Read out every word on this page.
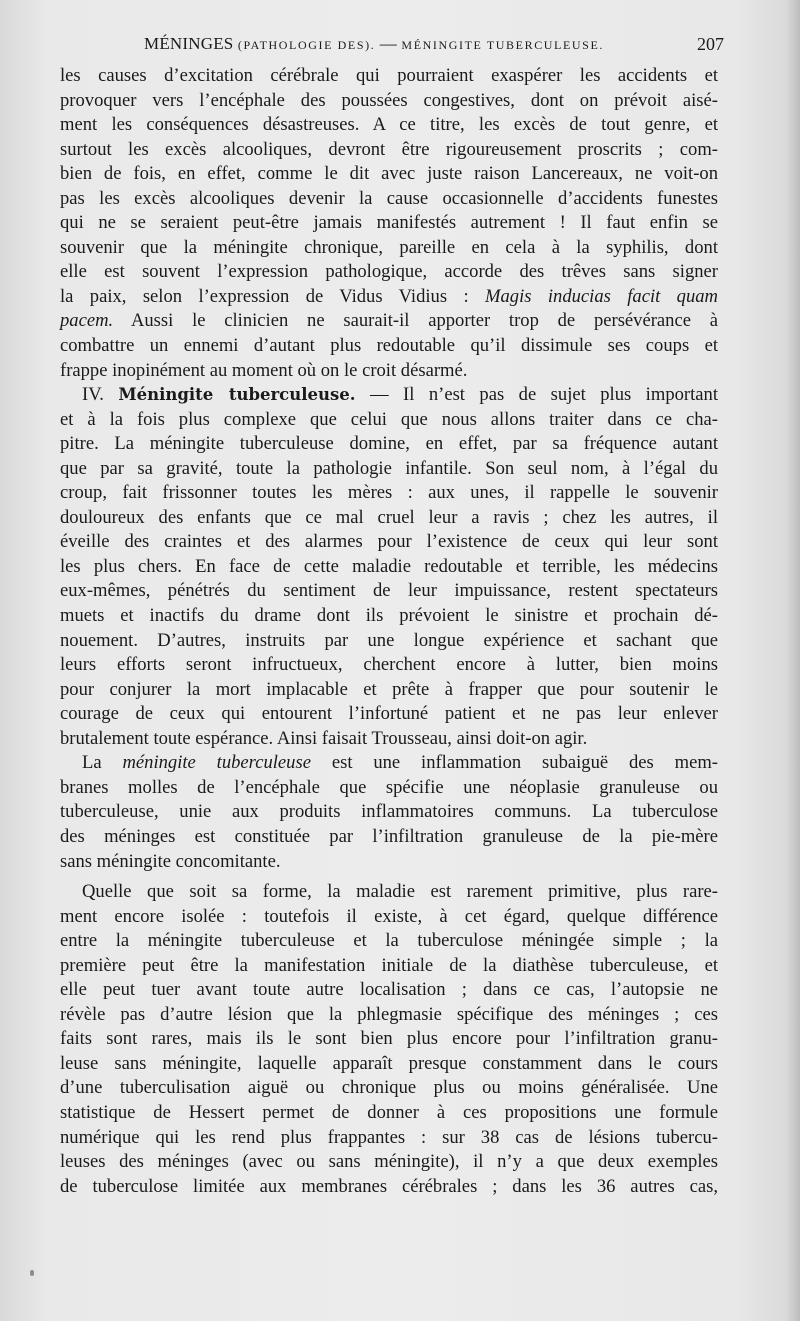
MÉNINGES (PATHOLOGIE DES). — MÉNINGITE TUBERCULEUSE.	207
les causes d’excitation cérébrale qui pourraient exaspérer les accidents et
provoquer vers l’encéphale des poussées congestives, dont on prévoit aisé-
ment les conséquences désastreuses. A ce titre, les excès de tout genre, et
surtout les excès alcooliques, devront être rigoureusement proscrits ; com-
bien de fois, en effet, comme le dit avec juste raison Lancereaux, ne voit-on
pas les excès alcooliques devenir la cause occasionnelle d’accidents funestes
qui ne se seraient peut-être jamais manifestés autrement ! Il faut enfin se
souvenir que la méningite chronique, pareille en cela à la syphilis, dont
elle est souvent l’expression pathologique, accorde des trêves sans signer
la paix, selon l’expression de Vidus Vidius : Magis inducias facit quam
pacem. Aussi le clinicien ne saurait-il apporter trop de persévérance à
combattre un ennemi d’autant plus redoutable qu’il dissimule ses coups et
frappe inopinément au moment où on le croit désarmé.
IV. Méningite tuberculeuse. — Il n’est pas de sujet plus important
et à la fois plus complexe que celui que nous allons traiter dans ce cha-
pitre. La méningite tuberculeuse domine, en effet, par sa fréquence autant
que par sa gravité, toute la pathologie infantile. Son seul nom, à l’égal du
croup, fait frissonner toutes les mères : aux unes, il rappelle le souvenir
douloureux des enfants que ce mal cruel leur a ravis ; chez les autres, il
éveille des craintes et des alarmes pour l’existence de ceux qui leur sont
les plus chers. En face de cette maladie redoutable et terrible, les médecins
eux-mêmes, pénétrés du sentiment de leur impuissance, restent spectateurs
muets et inactifs du drame dont ils prévoient le sinistre et prochain dé-
nouement. D’autres, instruits par une longue expérience et sachant que
leurs efforts seront infructueux, cherchent encore à lutter, bien moins
pour conjurer la mort implacable et prête à frapper que pour soutenir le
courage de ceux qui entourent l’infortuné patient et ne pas leur enlever
brutalement toute espérance. Ainsi faisait Trousseau, ainsi doit-on agir.
La méningite tuberculeuse est une inflammation subaiguë des mem-
branes molles de l’encéphale que spécifie une néoplasie granuleuse ou
tuberculeuse, unie aux produits inflammatoires communs. La tuberculose
des méninges est constituée par l’infiltration granuleuse de la pie-mère
sans méningite concomitante.
Quelle que soit sa forme, la maladie est rarement primitive, plus rare-
ment encore isolée : toutefois il existe, à cet égard, quelque différence
entre la méningite tuberculeuse et la tuberculose méningée simple ; la
première peut être la manifestation initiale de la diathèse tuberculeuse, et
elle peut tuer avant toute autre localisation ; dans ce cas, l’autopsie ne
révèle pas d’autre lésion que la phlegmasie spécifique des méninges ; ces
faits sont rares, mais ils le sont bien plus encore pour l’infiltration granu-
leuse sans méningite, laquelle apparaît presque constamment dans le cours
d’une tuberculisation aiguë ou chronique plus ou moins généralisée. Une
statistique de Hessert permet de donner à ces propositions une formule
numérique qui les rend plus frappantes : sur 38 cas de lésions tubercu-
leuses des méninges (avec ou sans méningite), il n’y a que deux exemples
de tuberculose limitée aux membranes cérébrales ; dans les 36 autres cas,
